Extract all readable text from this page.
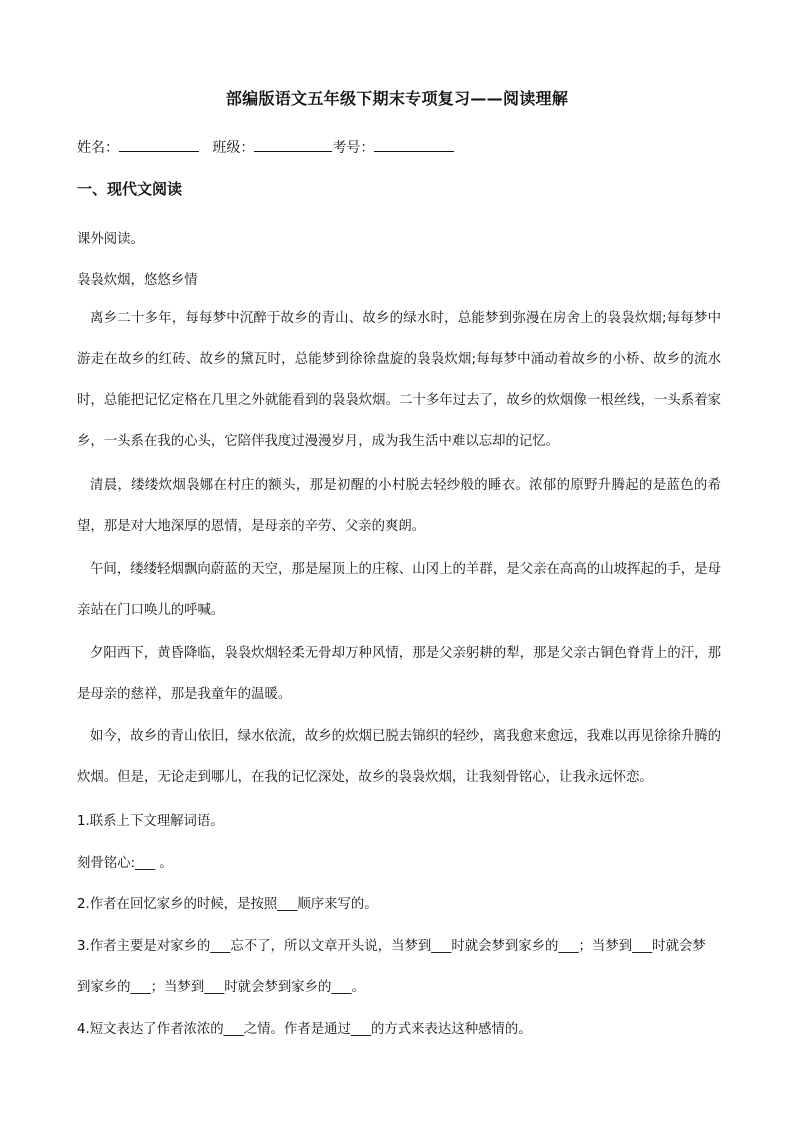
部编版语文五年级下期末专项复习——阅读理解
姓名：	班级：	考号：
一、现代文阅读
课外阅读。
袅袅炊烟，悠悠乡情
离乡二十多年，每每梦中沉醉于故乡的青山、故乡的绿水时，总能梦到弥漫在房舍上的袅袅炊烟;每每梦中游走在故乡的红砖、故乡的黛瓦时，总能梦到徐徐盘旋的袅袅炊烟;每每梦中涌动着故乡的小桥、故乡的流水时，总能把记忆定格在几里之外就能看到的袅袅炊烟。二十多年过去了，故乡的炊烟像一根丝线，一头系着家乡，一头系在我的心头，它陪伴我度过漫漫岁月，成为我生活中难以忘却的记忆。
清晨，缕缕炊烟袅娜在村庄的额头，那是初醒的小村脱去轻纱般的睡衣。浓郁的原野升腾起的是蓝色的希望，那是对大地深厚的恩情，是母亲的辛劳、父亲的爽朗。
午间，缕缕轻烟飘向蔚蓝的天空，那是屋顶上的庄稼、山冈上的羊群，是父亲在高高的山坡挥起的手，是母亲站在门口唤儿的呼喊。
夕阳西下，黄昏降临，袅袅炊烟轻柔无骨却万种风情，那是父亲躬耕的犁，那是父亲古铜色脊背上的汗，那是母亲的慈祥，那是我童年的温暖。
如今，故乡的青山依旧，绿水依流，故乡的炊烟已脱去锦织的轻纱，离我愈来愈远，我难以再见徐徐升腾的炊烟。但是，无论走到哪儿，在我的记忆深处，故乡的袅袅炊烟，让我刻骨铭心，让我永远怀恋。
1.联系上下文理解词语。
刻骨铭心:___ 。
2.作者在回忆家乡的时候，是按照___顺序来写的。
3.作者主要是对家乡的___忘不了，所以文章开头说，当梦到___时就会梦到家乡的___；当梦到___时就会梦
到家乡的___；当梦到___时就会梦到家乡的___。
4.短文表达了作者浓浓的___之情。作者是通过___的方式来表达这种感情的。
